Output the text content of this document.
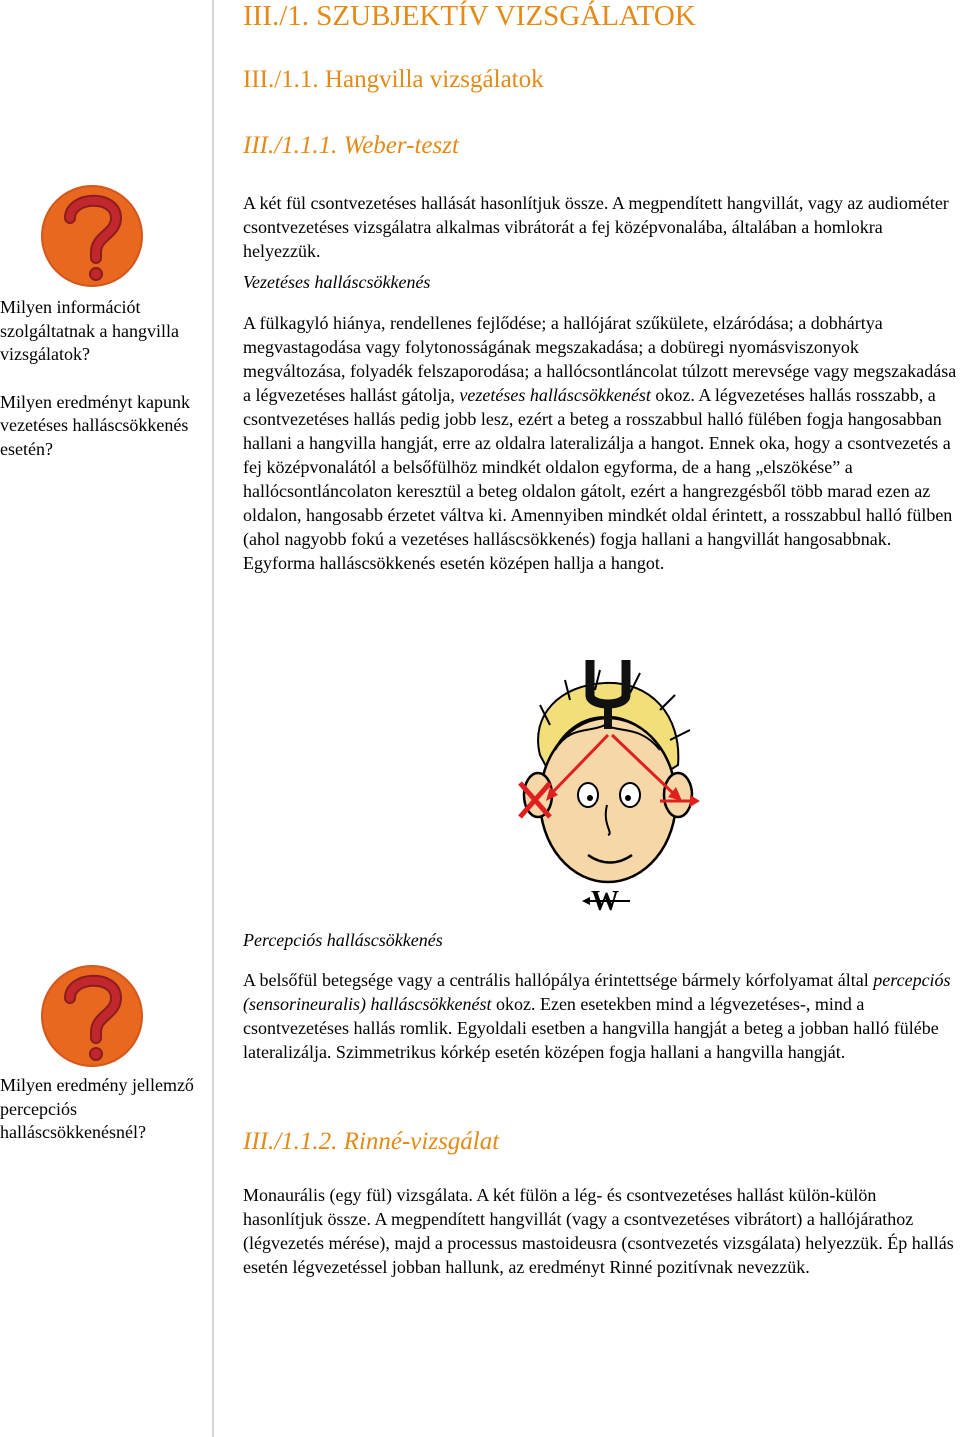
Milyen információt szolgáltatnak a hangvilla vizsgálatok?

Milyen eredményt kapunk vezetéses halláscsökkenés esetén?

Milyen eredmény jellemző percepciós halláscsökkenésnél?

III./1. SZUBJEKTÍV VIZSGÁLATOK
III./1.1. Hangvilla vizsgálatok
III./1.1.1. Weber-teszt

A két fül csontvezetéses hallását hasonlítjuk össze. A megpendített hangvillát, vagy az audiométer csontvezetéses vizsgálatra alkalmas vibrátorát a fej középvonalába, általában a homlokra helyezzük.

Vezetéses halláscsökkenés

A fülkagyló hiánya, rendellenes fejlődése; a hallójárat szűkülete, elzáródása; a dobhártya megvastagodása vagy folytonosságának megszakadása; a dobüregi nyomásviszonyok megváltozása, folyadék felszaporodása; a hallócsontláncolat túlzott merevsége vagy megszakadása a légvezetéses hallást gátolja, vezetéses halláscsökkenést okoz. A légvezetéses hallás rosszabb, a csontvezetéses hallás pedig jobb lesz, ezért a beteg a rosszabbul halló fülében fogja hangosabban hallani a hangvilla hangját, erre az oldalra lateralizálja a hangot. Ennek oka, hogy a csontvezetés a fej középvonalától a belsőfülhöz mindkét oldalon egyforma, de a hang „elszökése” a hallócsontláncolaton keresztül a beteg oldalon gátolt, ezért a hangrezgésből több marad ezen az oldalon, hangosabb érzetet váltva ki. Amennyiben mindkét oldal érintett, a rosszabbul halló fülben (ahol nagyobb fokú a vezetéses halláscsökkenés) fogja hallani a hangvillát hangosabbnak. Egyforma halláscsökkenés esetén középen hallja a hangot.

W

Percepciós halláscsökkenés

A belsőfül betegsége vagy a centrális hallópálya érintettsége bármely kórfolyamat által percepciós (sensorineuralis) halláscsökkenést okoz. Ezen esetekben mind a légvezetéses-, mind a csontvezetéses hallás romlik. Egyoldali esetben a hangvilla hangját a beteg a jobban halló fülébe lateralizálja. Szimmetrikus kórkép esetén középen fogja hallani a hangvilla hangját.

III./1.1.2. Rinné-vizsgálat

Monaurális (egy fül) vizsgálata. A két fülön a lég- és csontvezetéses hallást külön-külön hasonlítjuk össze. A megpendített hangvillát (vagy a csontvezetéses vibrátort) a hallójárathoz (légvezetés mérése), majd a processus mastoideusra (csontvezetés vizsgálata) helyezzük. Ép hallás esetén légvezetéssel jobban hallunk, az eredményt Rinné pozitívnak nevezzük.
